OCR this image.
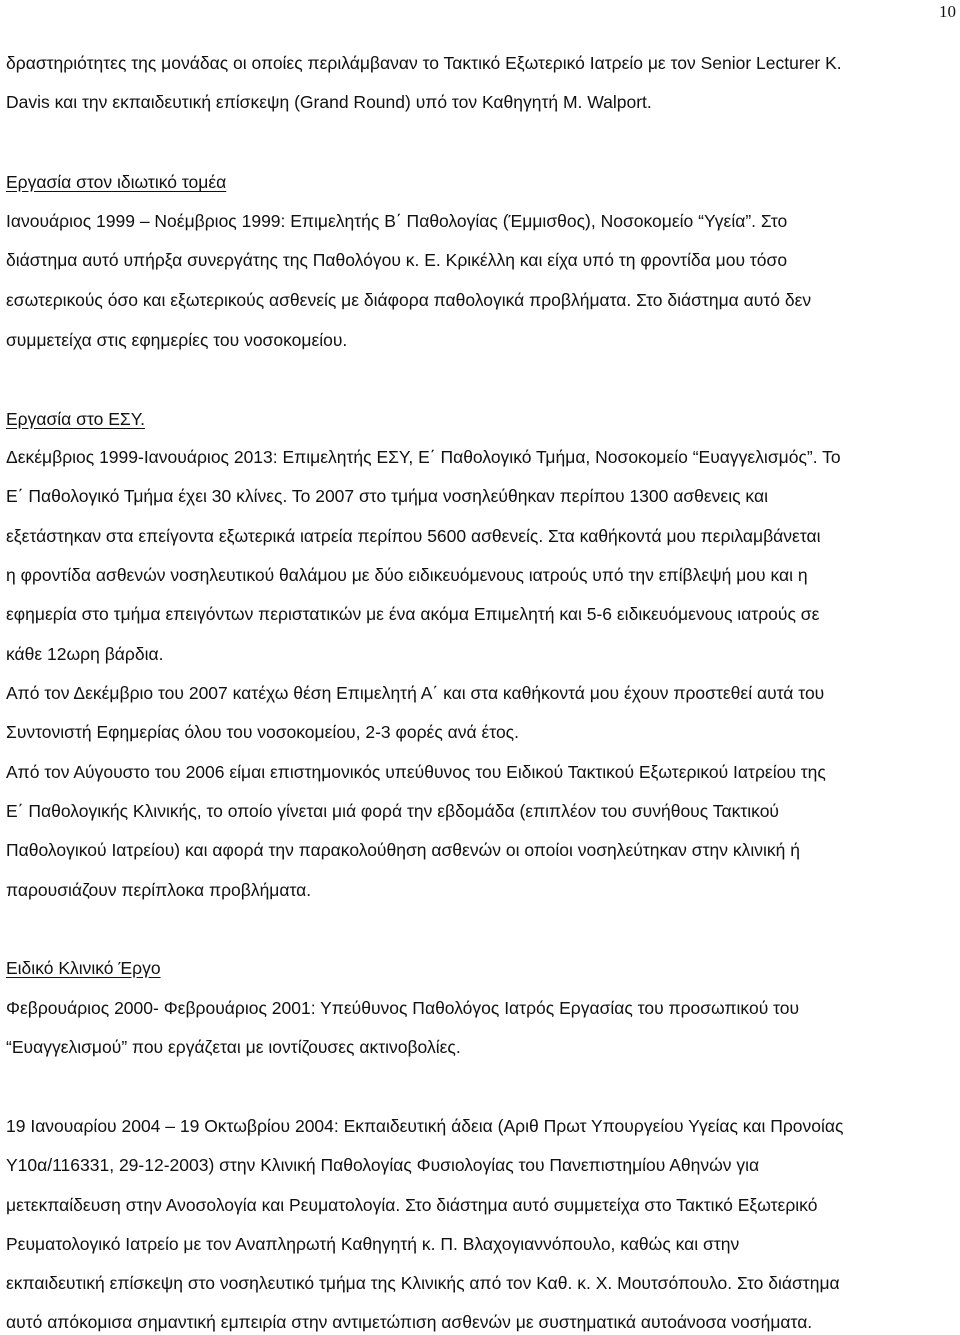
10

δραστηριότητες της μονάδας οι οποίες περιλάμβαναν το Τακτικό Εξωτερικό Ιατρείο με τον Senior Lecturer K.

Davis και την εκπαιδευτική επίσκεψη (Grand Round) υπό τον Καθηγητή M. Walport.

Εργασία στον ιδιωτικό τομέα

Ιανουάριος 1999 – Νοέμβριος 1999: Επιμελητής Β΄ Παθολογίας (Έμμισθος), Νοσοκομείο “Υγεία”. Στο

διάστημα αυτό υπήρξα συνεργάτης της Παθολόγου κ. Ε. Κρικέλλη και είχα υπό τη φροντίδα μου τόσο

εσωτερικούς όσο και εξωτερικούς ασθενείς με διάφορα παθολογικά προβλήματα. Στο διάστημα αυτό δεν

συμμετείχα στις εφημερίες του νοσοκομείου.

Εργασία στο ΕΣΥ.

Δεκέμβριος 1999-Ιανουάριος 2013: Επιμελητής ΕΣΥ, Ε΄ Παθολογικό Τμήμα, Νοσοκομείο “Ευαγγελισμός”. Το

Ε΄ Παθολογικό Τμήμα έχει 30 κλίνες. Το 2007 στο τμήμα νοσηλεύθηκαν περίπου 1300 ασθενεις και

εξετάστηκαν στα επείγοντα εξωτερικά ιατρεία περίπου 5600 ασθενείς. Στα καθήκοντά μου περιλαμβάνεται

η φροντίδα ασθενών νοσηλευτικού θαλάμου με δύο ειδικευόμενους ιατρούς υπό την επίβλεψή μου και η

εφημερία στο τμήμα επειγόντων περιστατικών με ένα ακόμα Επιμελητή και 5-6 ειδικευόμενους ιατρούς σε

κάθε 12ωρη βάρδια.

Από τον Δεκέμβριο του 2007 κατέχω θέση Επιμελητή Α΄ και στα καθήκοντά μου έχουν προστεθεί αυτά του

Συντονιστή Εφημερίας όλου του νοσοκομείου, 2-3 φορές ανά έτος.

Από τον Αύγουστο του 2006 είμαι επιστημονικός υπεύθυνος του Ειδικού Τακτικού Εξωτερικού Ιατρείου της

Ε΄ Παθολογικής Κλινικής, το οποίο γίνεται μιά φορά την εβδομάδα (επιπλέον του συνήθους Τακτικού

Παθολογικού Ιατρείου) και αφορά την παρακολούθηση ασθενών οι οποίοι νοσηλεύτηκαν στην κλινική ή

παρουσιάζουν περίπλοκα προβλήματα.

Ειδικό Κλινικό Έργο

Φεβρουάριος 2000- Φεβρουάριος 2001: Υπεύθυνος Παθολόγος Ιατρός Εργασίας του προσωπικού του

“Ευαγγελισμού” που εργάζεται με ιοντίζουσες ακτινοβολίες.

19 Ιανουαρίου 2004 – 19 Οκτωβρίου 2004: Εκπαιδευτική άδεια (Αριθ Πρωτ Υπουργείου Υγείας και Προνοίας

Υ10α/116331, 29-12-2003) στην Κλινική Παθολογίας Φυσιολογίας του Πανεπιστημίου Αθηνών για

μετεκπαίδευση στην Ανοσολογία και Ρευματολογία. Στο διάστημα αυτό συμμετείχα στο Τακτικό Εξωτερικό

Ρευματολογικό Ιατρείο με τον Αναπληρωτή Καθηγητή κ. Π. Βλαχογιαννόπουλο, καθώς και στην

εκπαιδευτική επίσκεψη στο νοσηλευτικό τμήμα της Κλινικής από τον Καθ. κ. Χ. Μουτσόπουλο. Στο διάστημα

αυτό απόκομισα σημαντική εμπειρία στην αντιμετώπιση ασθενών με συστηματικά αυτοάνοσα νοσήματα.
